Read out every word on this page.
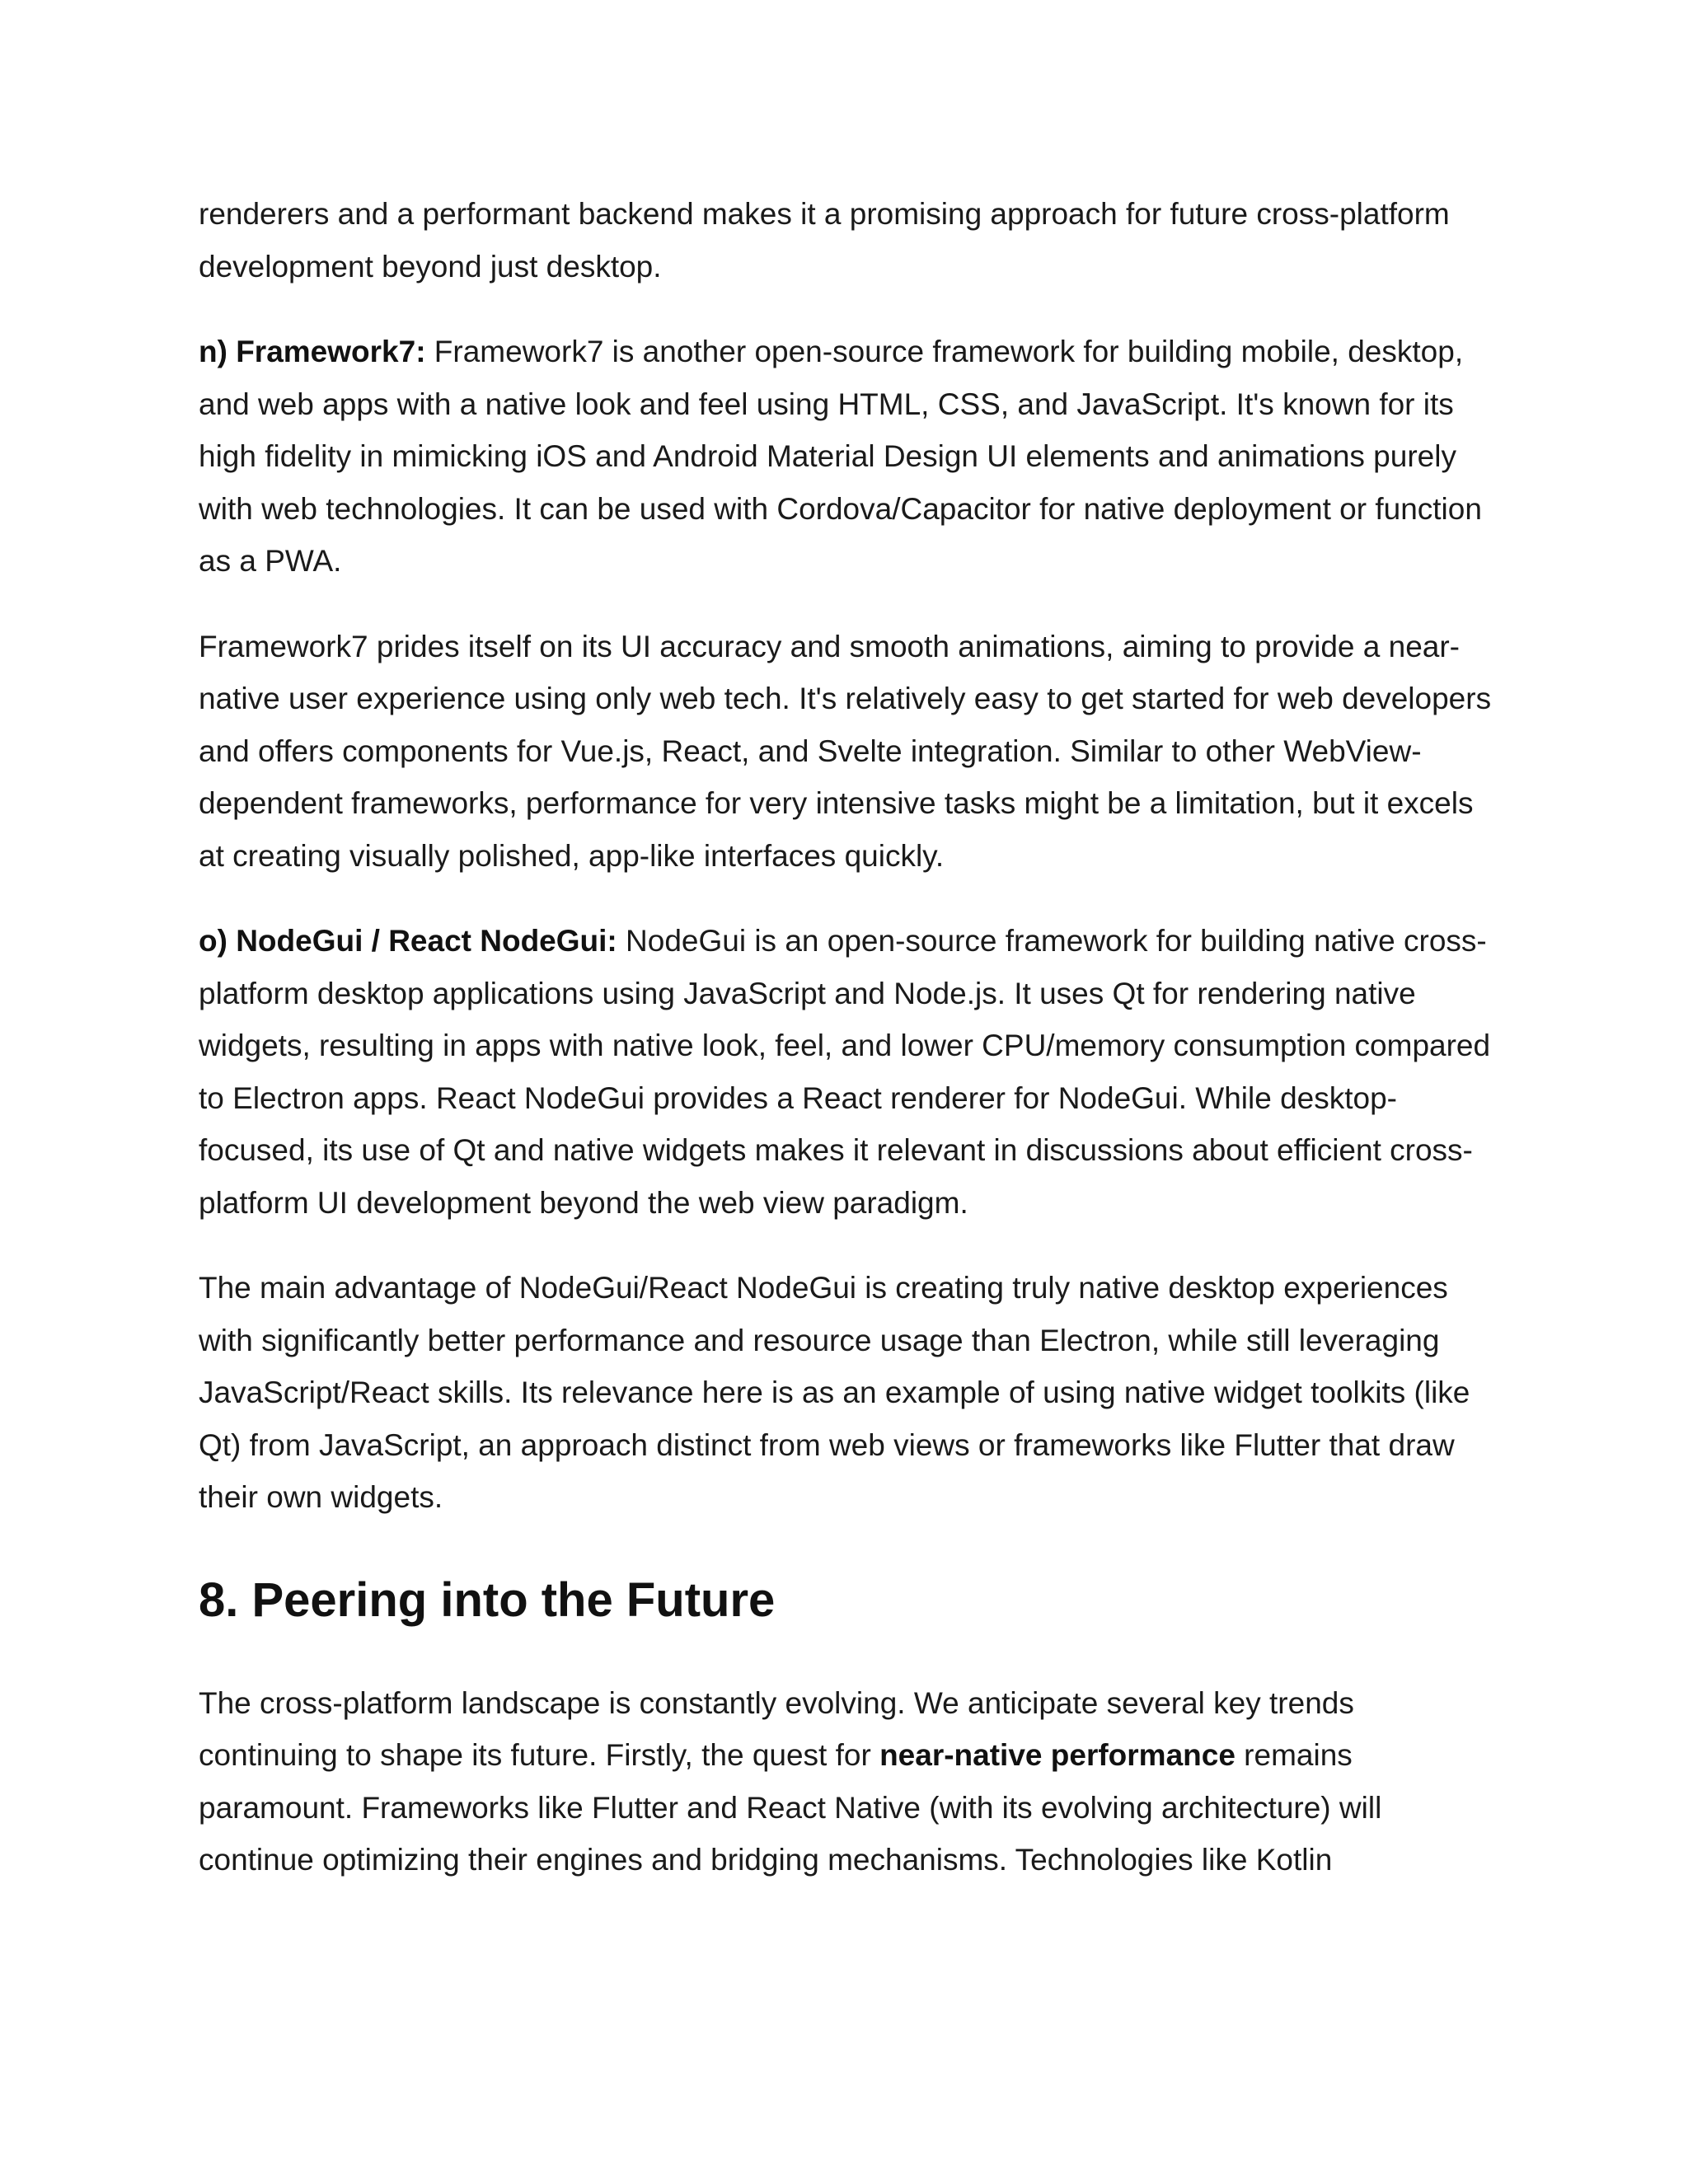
renderers and a performant backend makes it a promising approach for future cross-platform development beyond just desktop.

n) Framework7: Framework7 is another open-source framework for building mobile, desktop, and web apps with a native look and feel using HTML, CSS, and JavaScript. It's known for its high fidelity in mimicking iOS and Android Material Design UI elements and animations purely with web technologies. It can be used with Cordova/Capacitor for native deployment or function as a PWA.

Framework7 prides itself on its UI accuracy and smooth animations, aiming to provide a near-native user experience using only web tech. It's relatively easy to get started for web developers and offers components for Vue.js, React, and Svelte integration. Similar to other WebView-dependent frameworks, performance for very intensive tasks might be a limitation, but it excels at creating visually polished, app-like interfaces quickly.

o) NodeGui / React NodeGui: NodeGui is an open-source framework for building native cross-platform desktop applications using JavaScript and Node.js. It uses Qt for rendering native widgets, resulting in apps with native look, feel, and lower CPU/memory consumption compared to Electron apps. React NodeGui provides a React renderer for NodeGui. While desktop-focused, its use of Qt and native widgets makes it relevant in discussions about efficient cross-platform UI development beyond the web view paradigm.

The main advantage of NodeGui/React NodeGui is creating truly native desktop experiences with significantly better performance and resource usage than Electron, while still leveraging JavaScript/React skills. Its relevance here is as an example of using native widget toolkits (like Qt) from JavaScript, an approach distinct from web views or frameworks like Flutter that draw their own widgets.

8. Peering into the Future

The cross-platform landscape is constantly evolving. We anticipate several key trends continuing to shape its future. Firstly, the quest for near-native performance remains paramount. Frameworks like Flutter and React Native (with its evolving architecture) will continue optimizing their engines and bridging mechanisms. Technologies like Kotlin
